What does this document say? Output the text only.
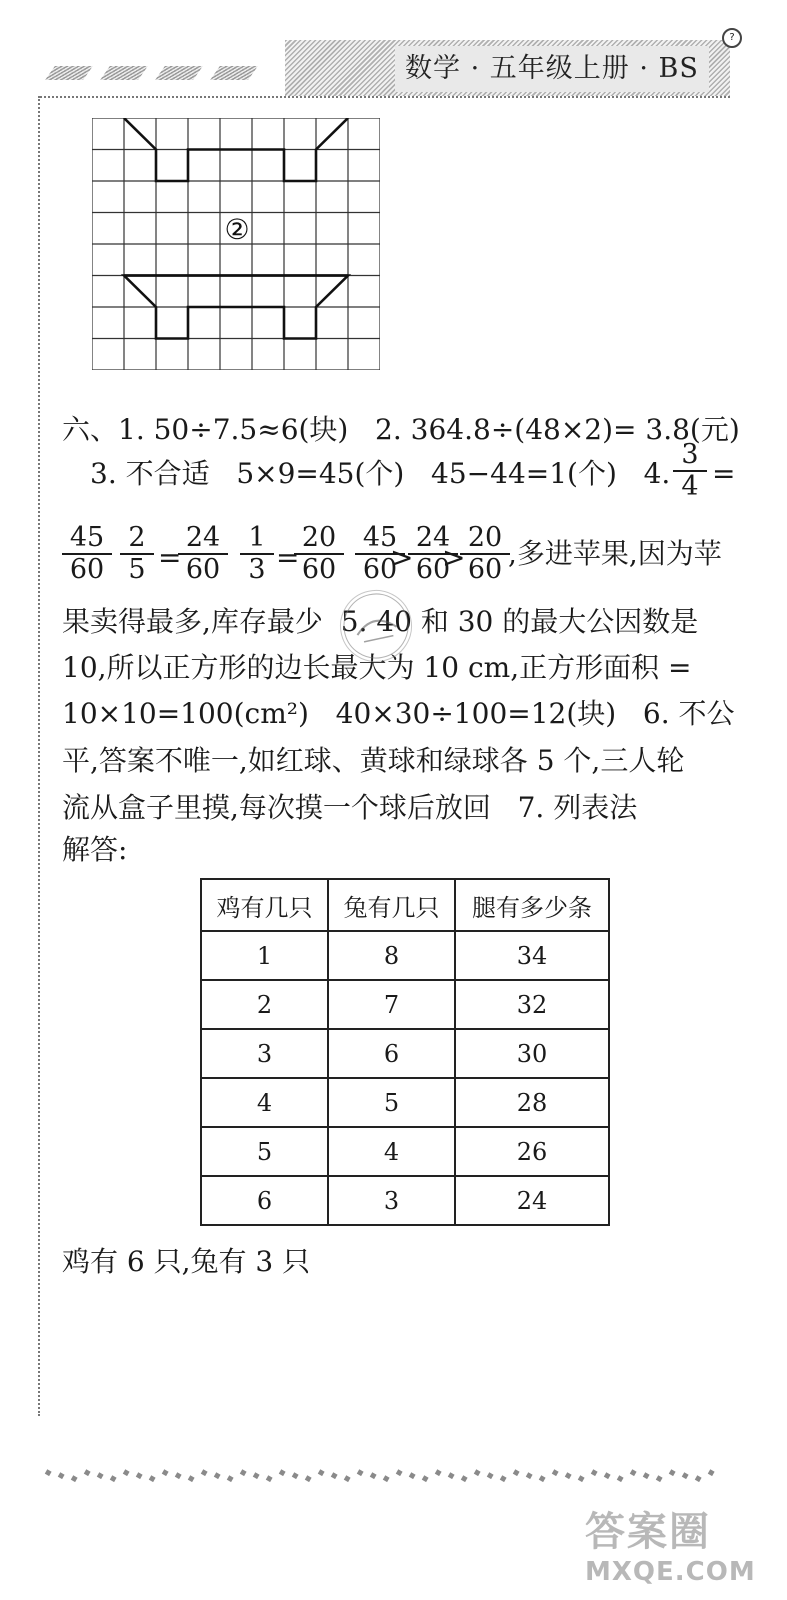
数学 · 五年级上册 · BS
?
②
六、1. 50÷7.5≈6(块)   2. 364.8÷(48×2)= 3.8(元)
3. 不合适   5×9=45(个)   45−44=1(个)   4. $\frac{3}{4}$ =
$\frac{45}{60} \frac{2}{5}$ =
$\frac{24}{60} \frac{1}{3}$ =
$\frac{20}{60} \frac{45}{60}$
>
$\frac{24}{60}$
>
$\frac{20}{60}$
,多进苹果,因为苹
果卖得最多,库存最少  5. 40 和 30 的最大公因数是
10,所以正方形的边长最大为 10 cm,正方形面积 =
10×10=100(cm²)   40×30÷100=12(块)   6. 不公
平,答案不唯一,如红球、黄球和绿球各 5 个,三人轮
流从盒子里摸,每次摸一个球后放回   7. 列表法
解答:
鸡有几只	兔有几只	腿有多少条
1	8	34
2	7	32
3	6	30
4	5	28
5	4	26
6	3	24
鸡有 6 只,兔有 3 只
答案圈
MXQE.COM
